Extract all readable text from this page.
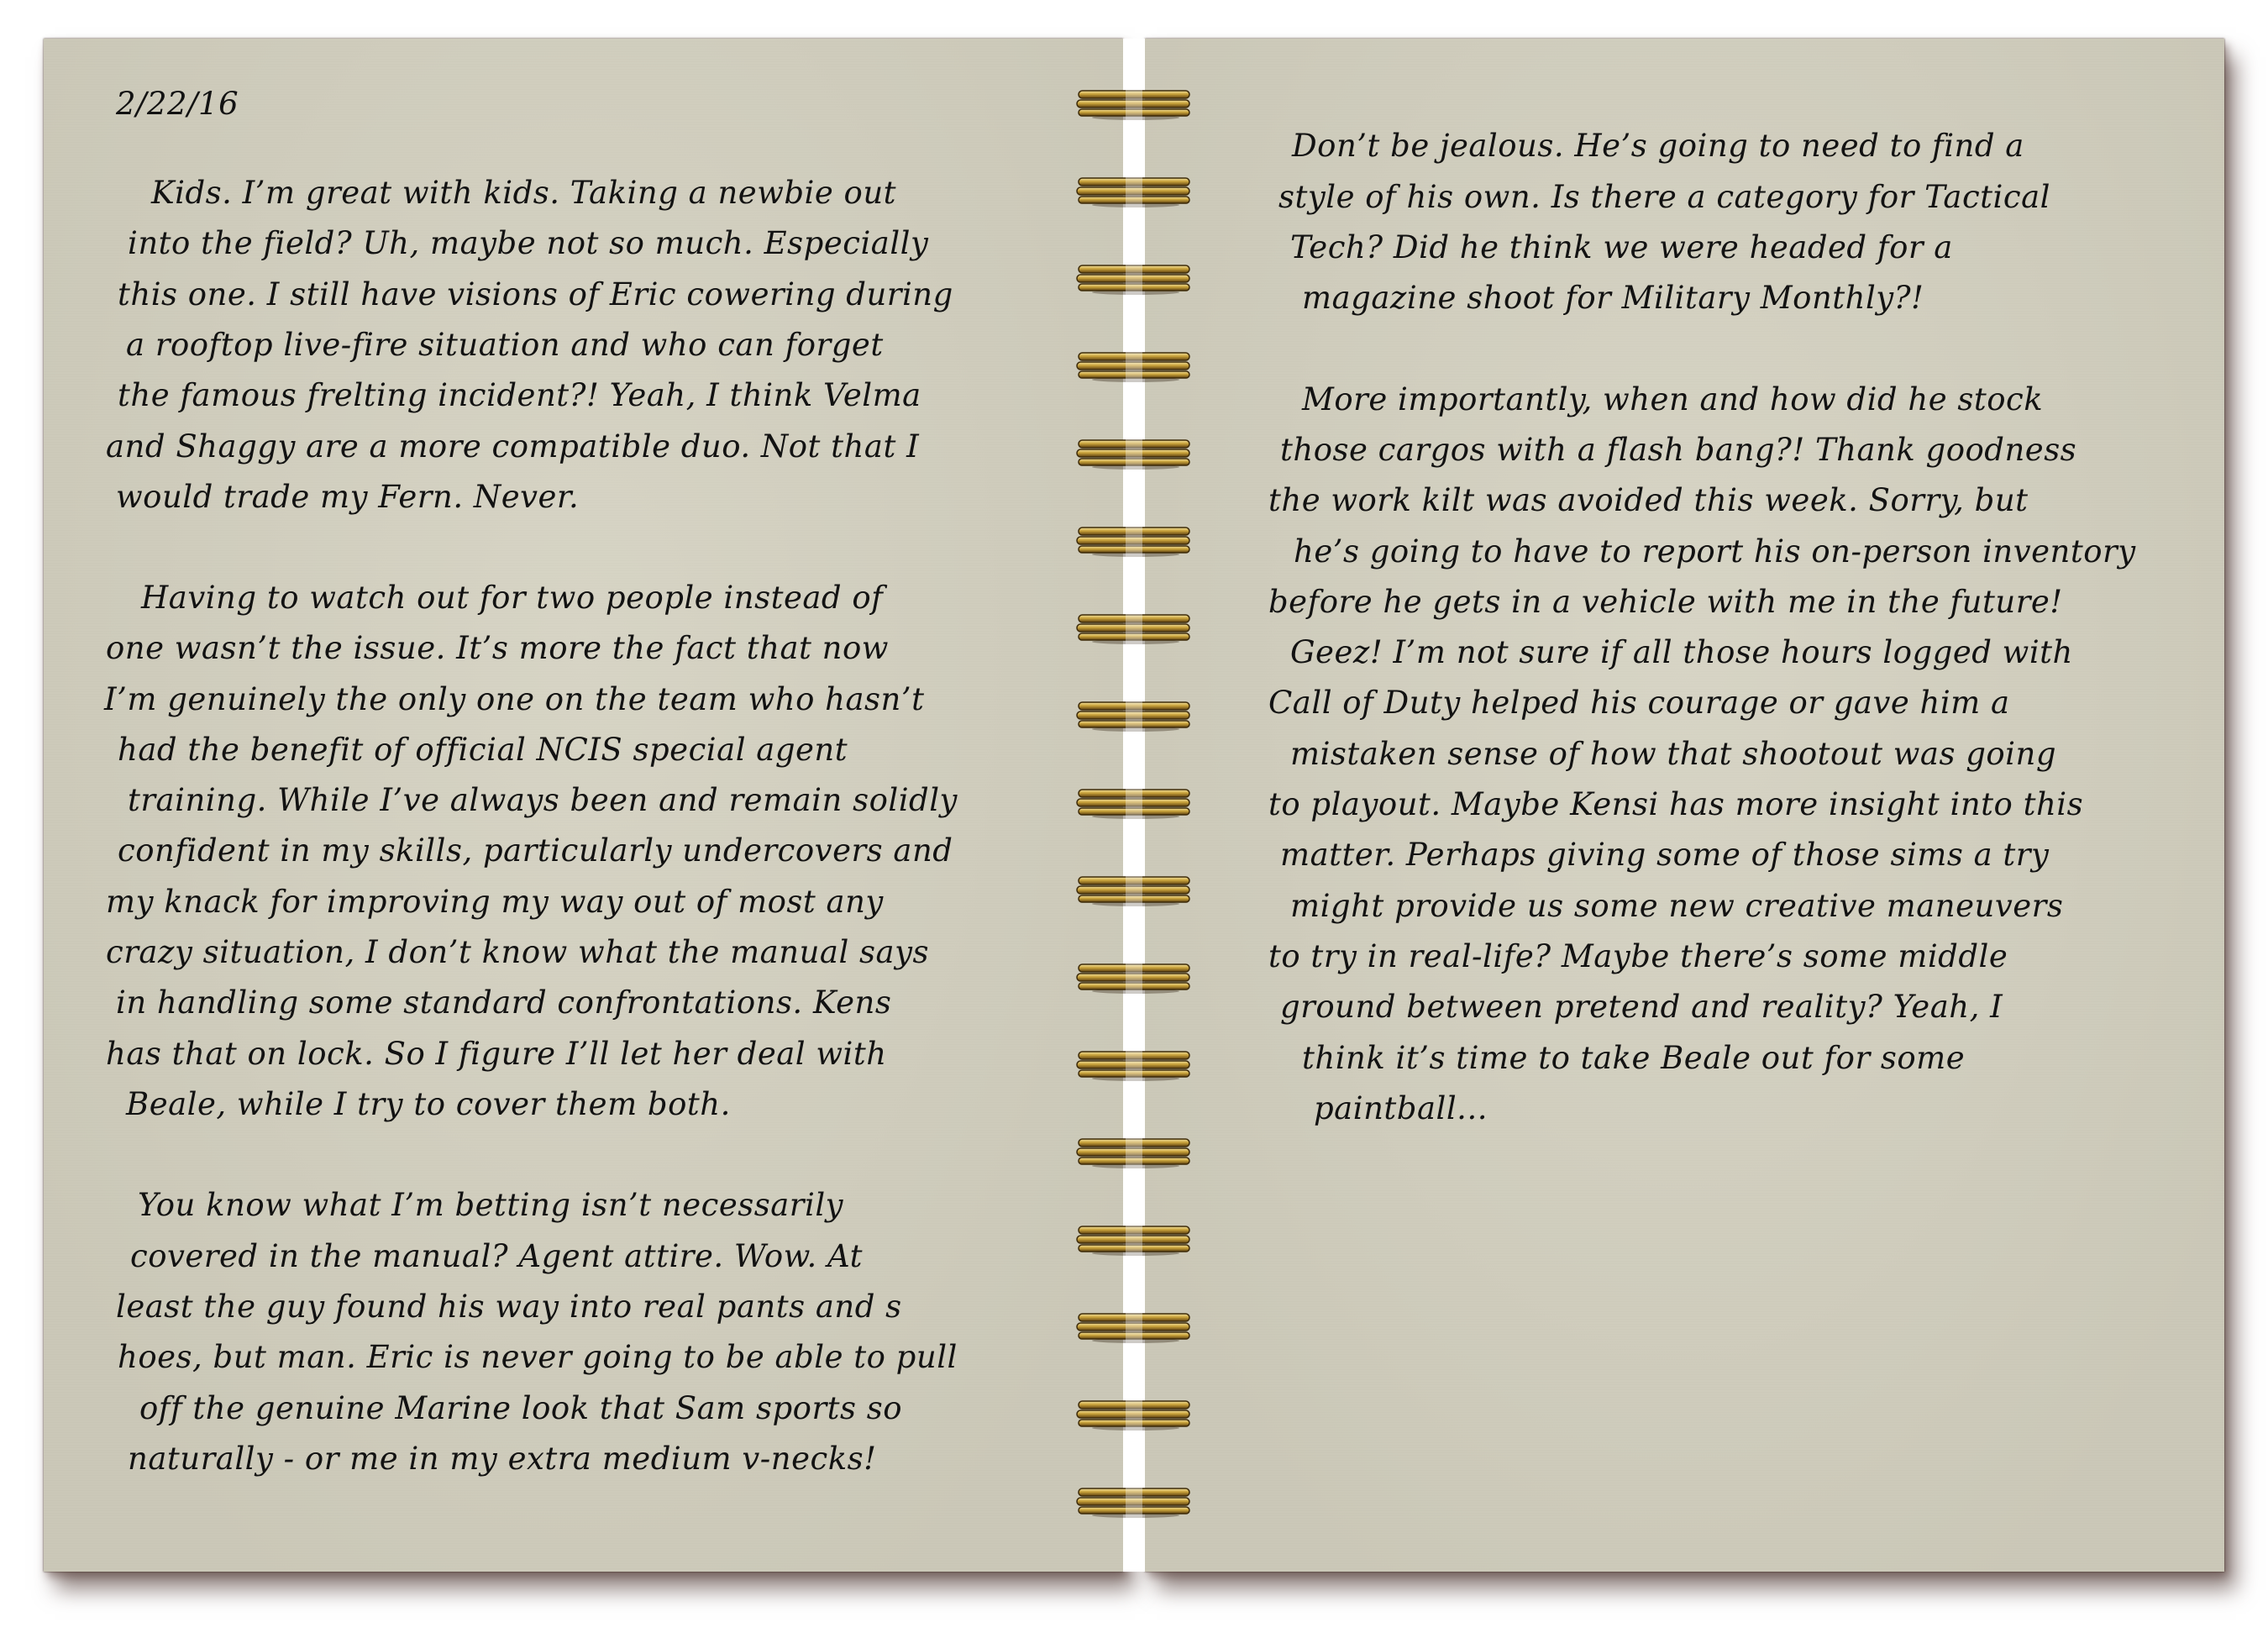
2/22/16
Kids. I’m great with kids. Taking a newbie out
into the field? Uh, maybe not so much. Especially
this one. I still have visions of Eric cowering during
a rooftop live-fire situation and who can forget
the famous frelting incident?! Yeah, I think Velma
and Shaggy are a more compatible duo. Not that I
would trade my Fern. Never.
Having to watch out for two people instead of
one wasn’t the issue. It’s more the fact that now
I’m genuinely the only one on the team who hasn’t
had the benefit of official NCIS special agent
training. While I’ve always been and remain solidly
confident in my skills, particularly undercovers and
my knack for improving my way out of most any
crazy situation, I don’t know what the manual says
in handling some standard confrontations. Kens
has that on lock. So I figure I’ll let her deal with
Beale, while I try to cover them both.
You know what I’m betting isn’t necessarily
covered in the manual? Agent attire. Wow. At
least the guy found his way into real pants and s
hoes, but man. Eric is never going to be able to pull
off the genuine Marine look that Sam sports so
naturally - or me in my extra medium v-necks!
Don’t be jealous. He’s going to need to find a
style of his own. Is there a category for Tactical
Tech? Did he think we were headed for a
magazine shoot for Military Monthly?!
More importantly, when and how did he stock
those cargos with a flash bang?! Thank goodness
the work kilt was avoided this week. Sorry, but
he’s going to have to report his on-person inventory
before he gets in a vehicle with me in the future!
Geez! I’m not sure if all those hours logged with
Call of Duty helped his courage or gave him a
mistaken sense of how that shootout was going
to playout. Maybe Kensi has more insight into this
matter. Perhaps giving some of those sims a try
might provide us some new creative maneuvers
to try in real-life? Maybe there’s some middle
ground between pretend and reality? Yeah, I
think it’s time to take Beale out for some
paintball...
